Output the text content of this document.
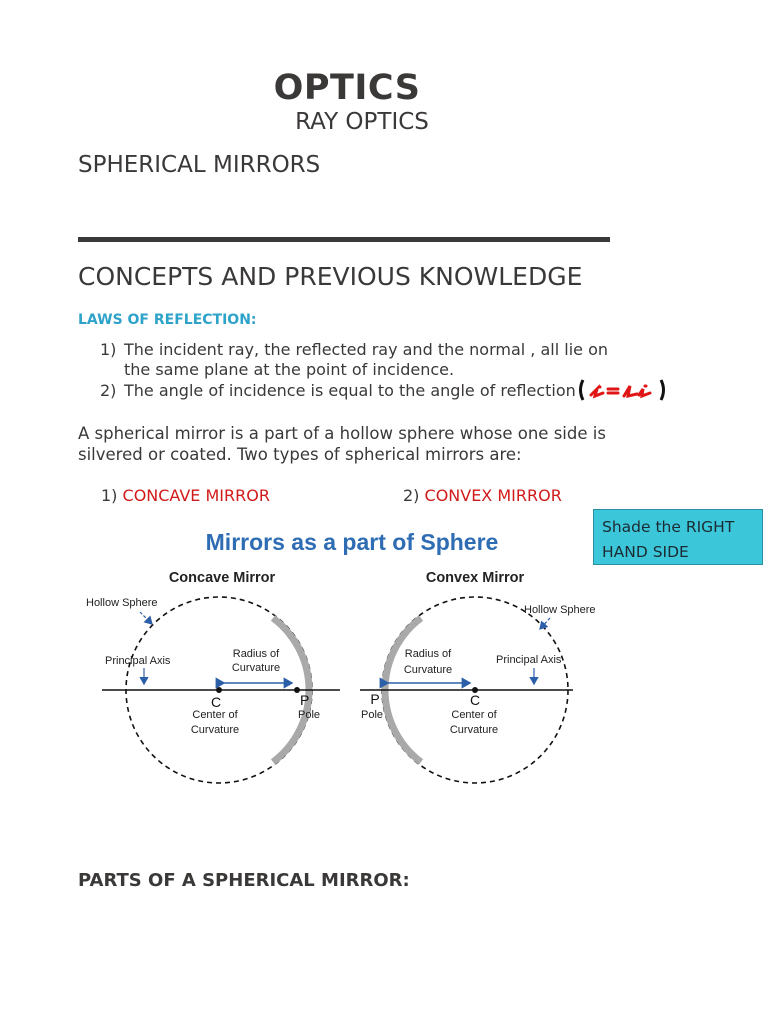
OPTICS
RAY OPTICS
SPHERICAL MIRRORS
CONCEPTS AND PREVIOUS KNOWLEDGE
LAWS OF REFLECTION:
1) The incident ray, the reflected ray and the normal , all lie on
the same plane at the point of incidence.
2) The angle of incidence is equal to the angle of reflection
A spherical mirror is a part of a hollow sphere whose one side is silvered or coated. Two types of spherical mirrors are:
1) CONCAVE MIRROR	2) CONVEX MIRROR
Shade the RIGHT
HAND SIDE
Mirrors as a part of Sphere
Concave Mirror
Hollow Sphere
Principal Axis
Radius of
Curvature
C
Center of
Curvature
P
Pole
Convex Mirror
Hollow Sphere
Principal Axis
Radius of
Curvature
P
Pole
C
Center of
Curvature
PARTS OF A SPHERICAL MIRROR:
